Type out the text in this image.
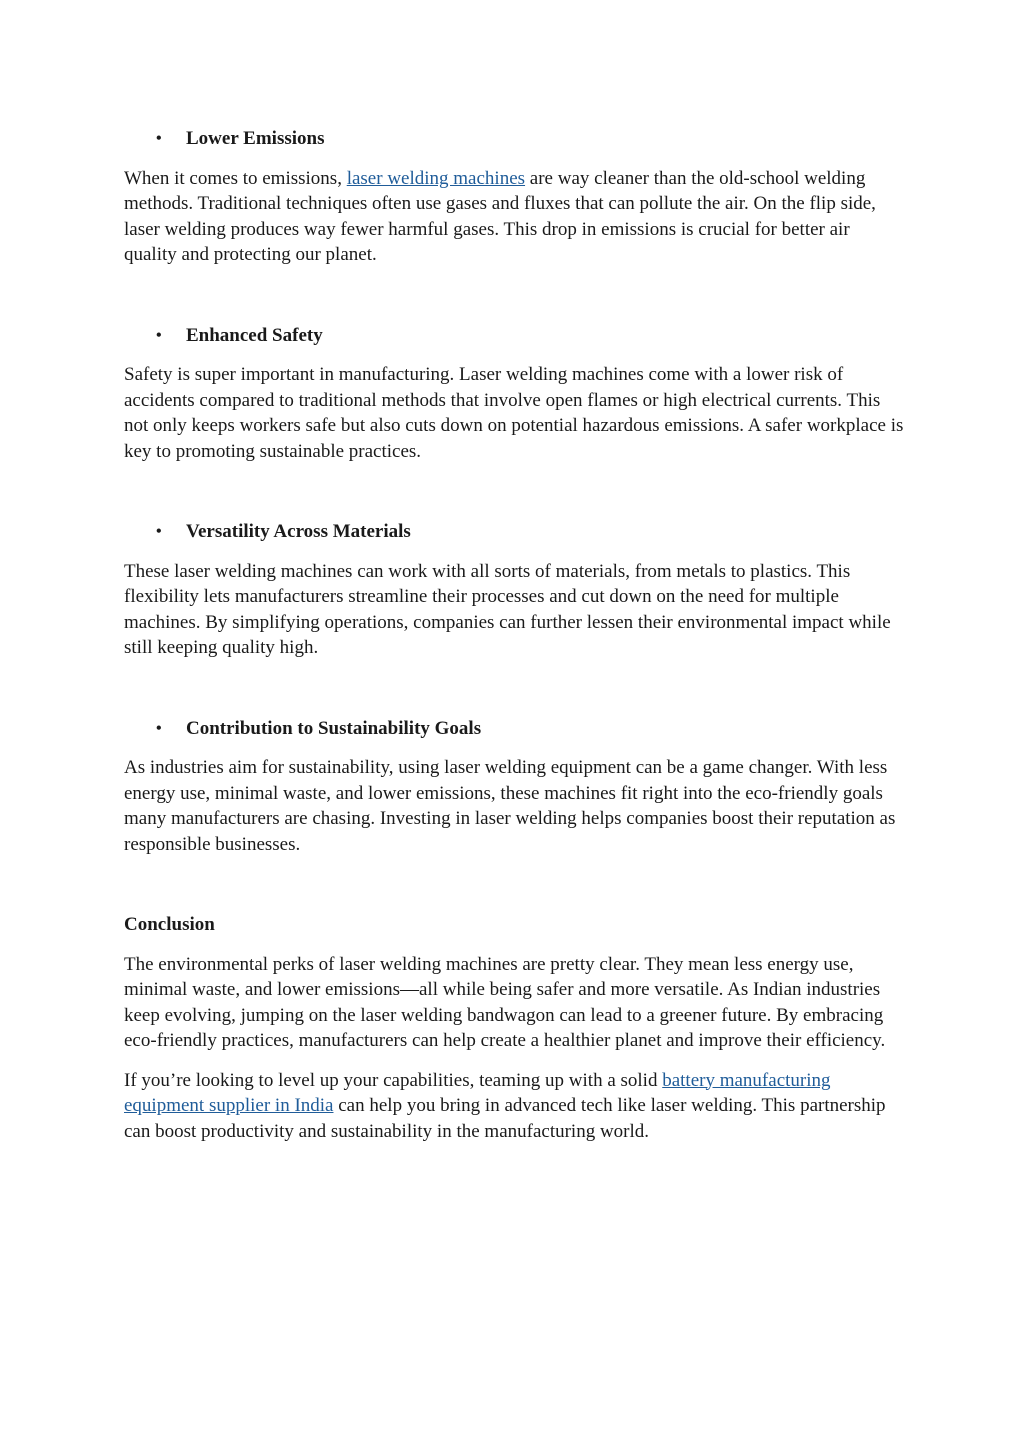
• Lower Emissions

When it comes to emissions, laser welding machines are way cleaner than the old-school welding methods. Traditional techniques often use gases and fluxes that can pollute the air. On the flip side, laser welding produces way fewer harmful gases. This drop in emissions is crucial for better air quality and protecting our planet.

• Enhanced Safety

Safety is super important in manufacturing. Laser welding machines come with a lower risk of accidents compared to traditional methods that involve open flames or high electrical currents. This not only keeps workers safe but also cuts down on potential hazardous emissions. A safer workplace is key to promoting sustainable practices.

• Versatility Across Materials

These laser welding machines can work with all sorts of materials, from metals to plastics. This flexibility lets manufacturers streamline their processes and cut down on the need for multiple machines. By simplifying operations, companies can further lessen their environmental impact while still keeping quality high.

• Contribution to Sustainability Goals

As industries aim for sustainability, using laser welding equipment can be a game changer. With less energy use, minimal waste, and lower emissions, these machines fit right into the eco-friendly goals many manufacturers are chasing. Investing in laser welding helps companies boost their reputation as responsible businesses.

Conclusion

The environmental perks of laser welding machines are pretty clear. They mean less energy use, minimal waste, and lower emissions—all while being safer and more versatile. As Indian industries keep evolving, jumping on the laser welding bandwagon can lead to a greener future. By embracing eco-friendly practices, manufacturers can help create a healthier planet and improve their efficiency.

If you’re looking to level up your capabilities, teaming up with a solid battery manufacturing equipment supplier in India can help you bring in advanced tech like laser welding. This partnership can boost productivity and sustainability in the manufacturing world.
